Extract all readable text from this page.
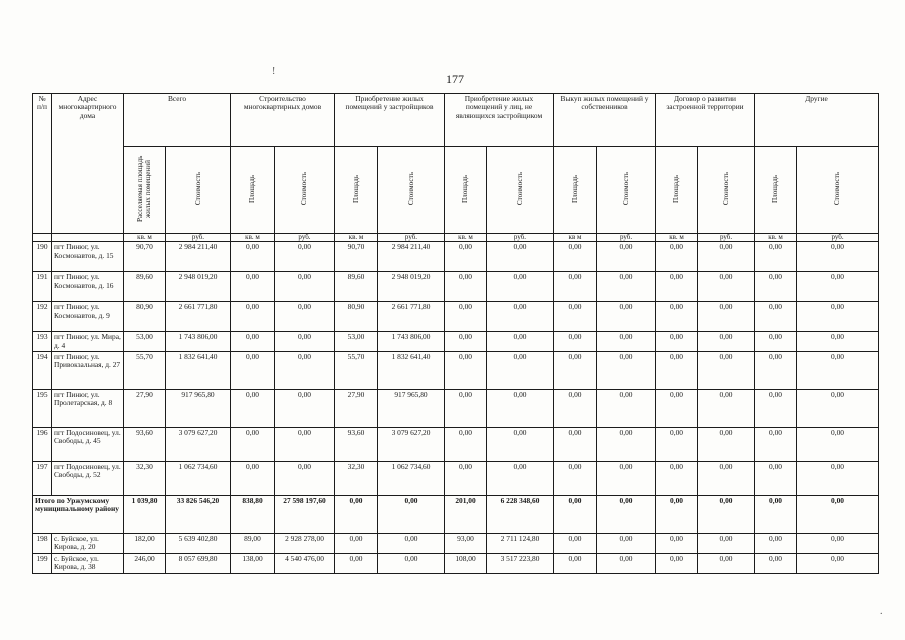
177
!
.
№
п/п	Адрес многоквартирного дома	Всего		Строительство многоквартирных домов		Приобретение жилых помещений у застройщиков		Приобретение жилых помещений у лиц, не являющихся застройщиком		Выкуп жилых помещений у собственников		Договор о развитии застроенной территории		Другие	
		Расселяемая площадь жилых помещений	Стоимость	Площадь	Стоимость	Площадь	Стоимость	Площадь	Стоимость	Площадь	Стоимость	Площадь	Стоимость	Площадь	Стоимость
		кв. м	руб.	кв. м	руб.	кв. м	руб.	кв. м	руб.	кв м	руб.	кв. м	руб.	кв. м	руб.
190	пгт Пинюг, ул. Космонавтов, д. 15	90,70	2 984 211,40	0,00	0,00	90,70	2 984 211,40	0,00	0,00	0,00	0,00	0,00	0,00	0,00	0,00
191	пгт Пинюг, ул. Космонавтов, д. 16	89,60	2 948 019,20	0,00	0,00	89,60	2 948 019,20	0,00	0,00	0,00	0,00	0,00	0,00	0,00	0,00
192	пгт Пинюг, ул. Космонавтов, д. 9	80,90	2 661 771,80	0,00	0,00	80,90	2 661 771,80	0,00	0,00	0,00	0,00	0,00	0,00	0,00	0,00
193	пгт Пинюг, ул. Мира, д. 4	53,00	1 743 806,00	0,00	0,00	53,00	1 743 806,00	0,00	0,00	0,00	0,00	0,00	0,00	0,00	0,00
194	пгт Пинюг, ул. Привокзальная, д. 27	55,70	1 832 641,40	0,00	0,00	55,70	1 832 641,40	0,00	0,00	0,00	0,00	0,00	0,00	0,00	0,00
195	пгт Пинюг, ул. Пролетарская, д. 8	27,90	917 965,80	0,00	0,00	27,90	917 965,80	0,00	0,00	0,00	0,00	0,00	0,00	0,00	0,00
196	пгт Подосиновец, ул. Свободы, д. 45	93,60	3 079 627,20	0,00	0,00	93,60	3 079 627,20	0,00	0,00	0,00	0,00	0,00	0,00	0,00	0,00
197	пгт Подосиновец, ул. Свободы, д. 52	32,30	1 062 734,60	0,00	0,00	32,30	1 062 734,60	0,00	0,00	0,00	0,00	0,00	0,00	0,00	0,00
Итого по Уржумскому муниципальному району		1 039,80	33 826 546,20	838,80	27 598 197,60	0,00	0,00	201,00	6 228 348,60	0,00	0,00	0,00	0,00	0,00	0,00
198	с. Буйское, ул. Кирова, д. 20	182,00	5 639 402,80	89,00	2 928 278,00	0,00	0,00	93,00	2 711 124,80	0,00	0,00	0,00	0,00	0,00	0,00
199	с. Буйское, ул. Кирова, д. 38	246,00	8 057 699,80	138,00	4 540 476,00	0,00	0,00	108,00	3 517 223,80	0,00	0,00	0,00	0,00	0,00	0,00
